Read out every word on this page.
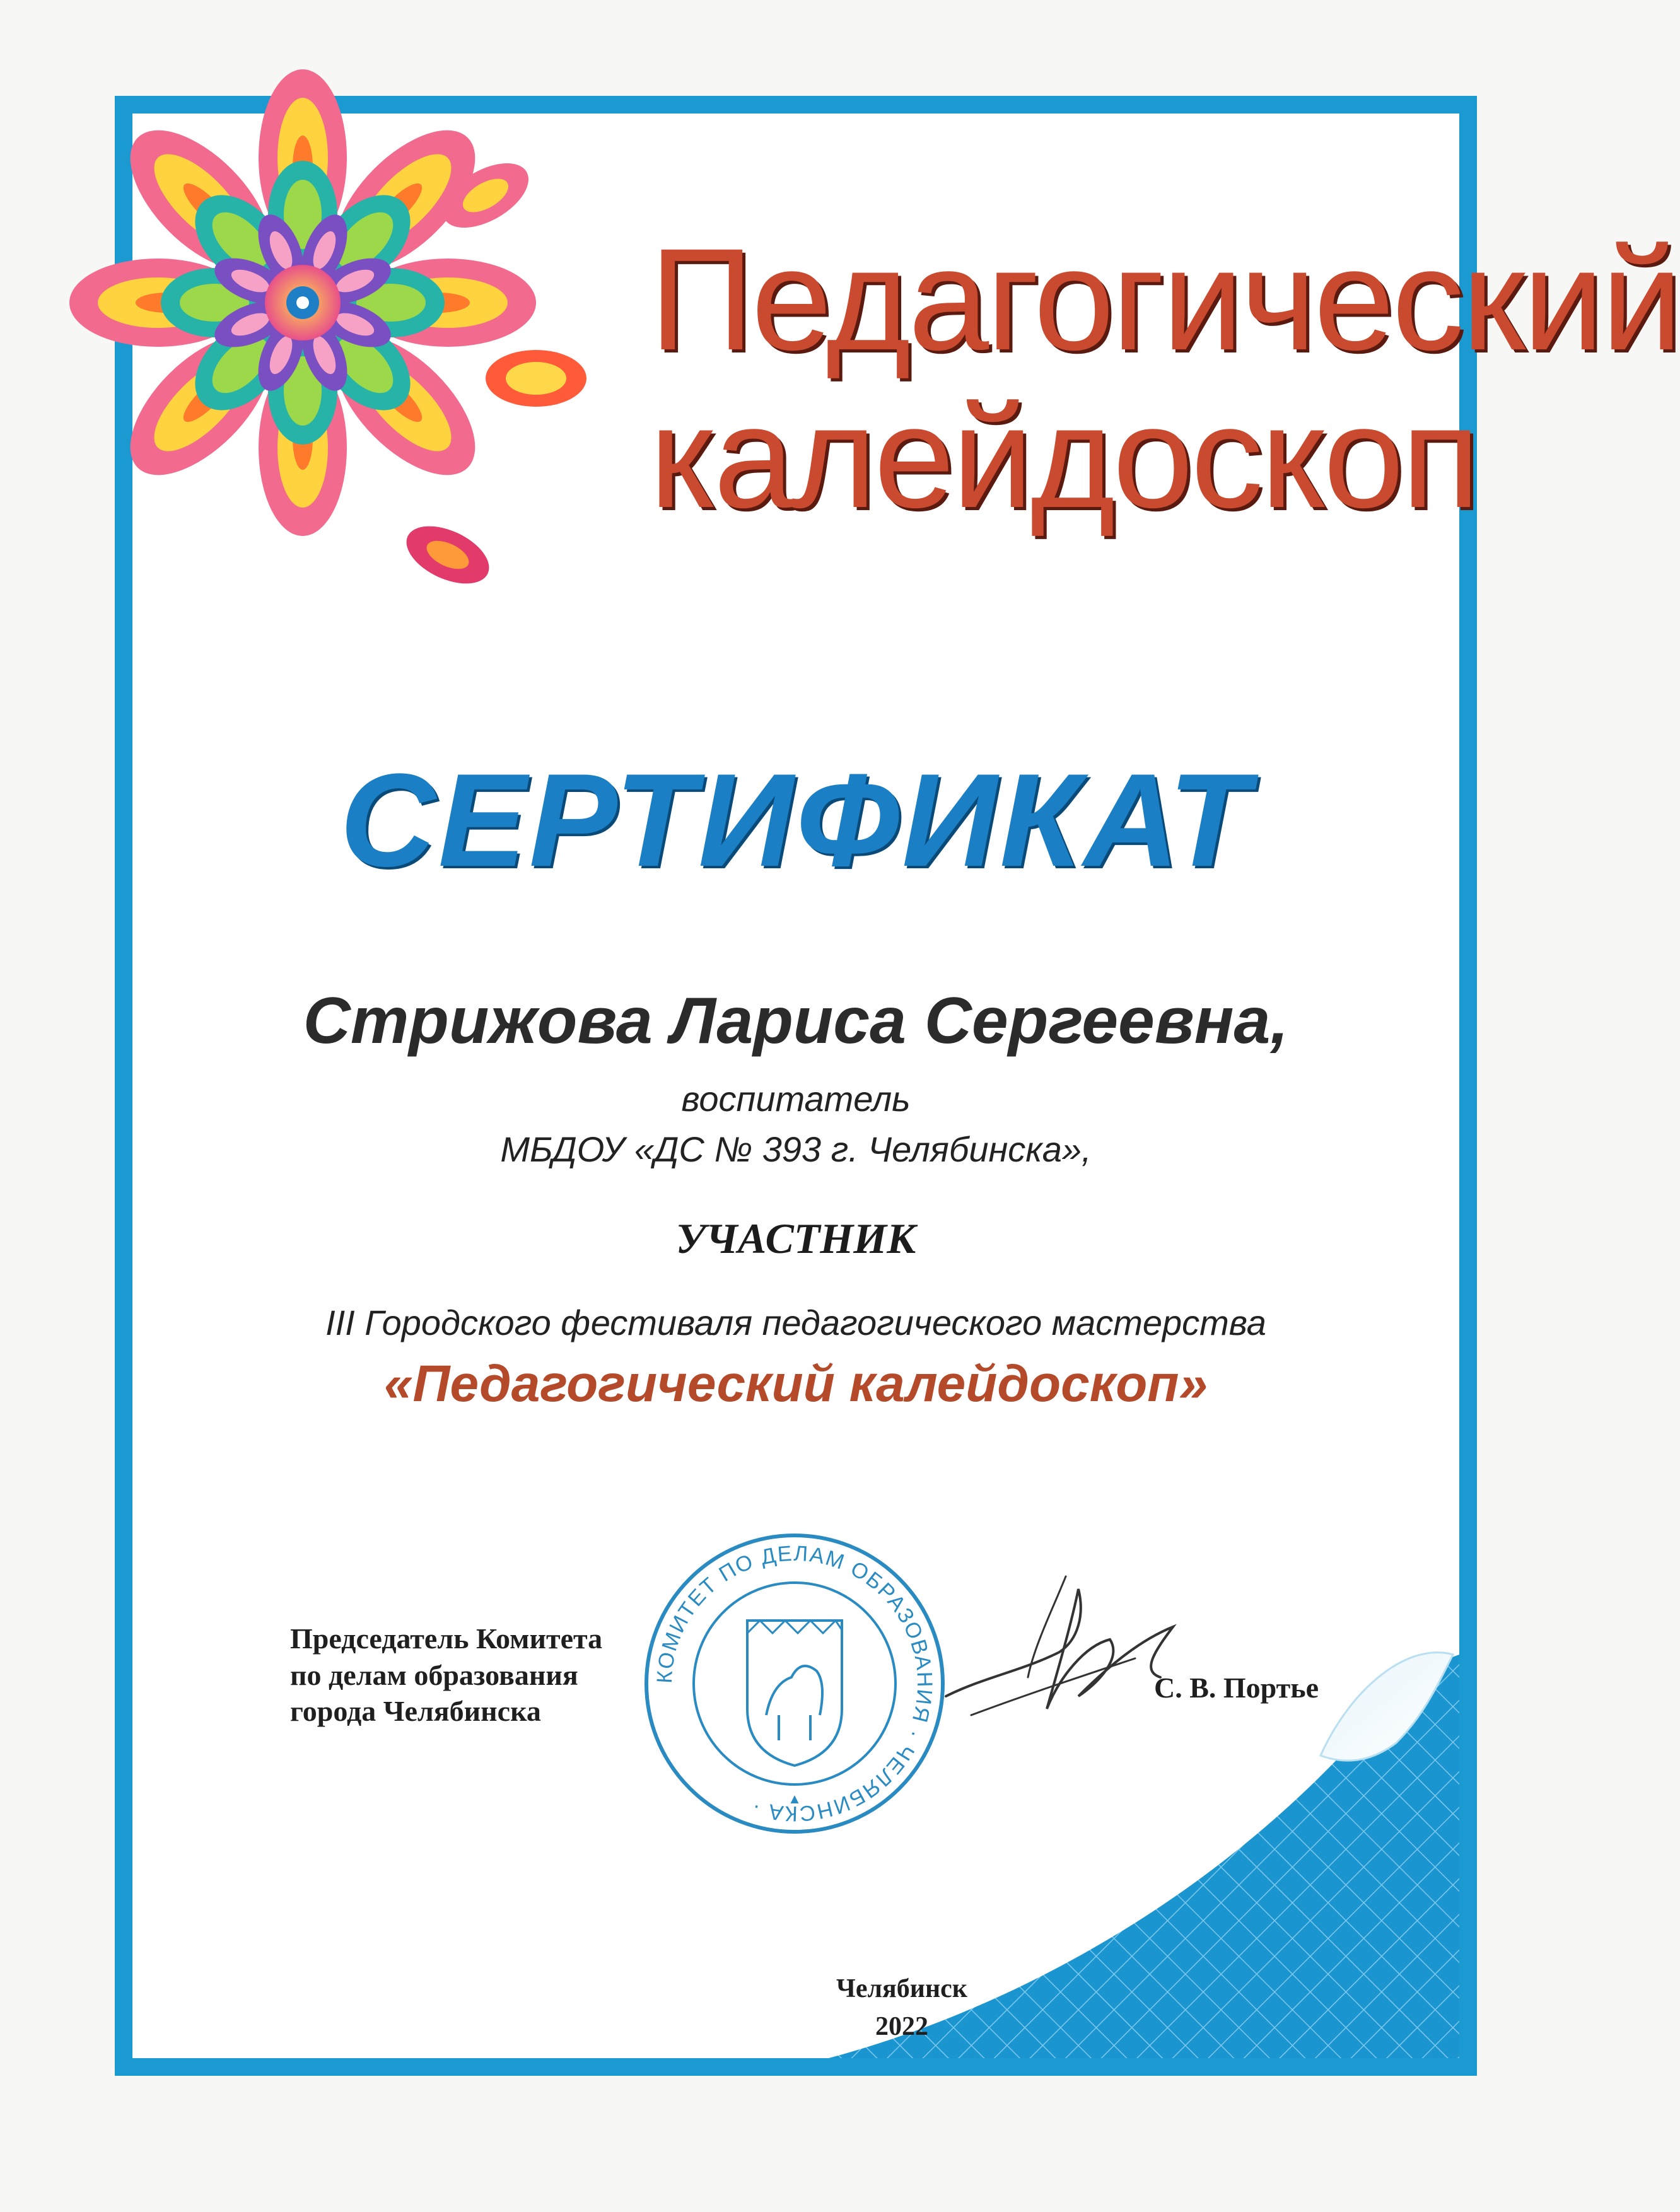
Педагогический
калейдоскоп
СЕРТИФИКАТ
Стрижова Лариса Сергеевна,
воспитатель
МБДОУ «ДС № 393 г. Челябинска»,
УЧАСТНИК
III Городского фестиваля педагогического мастерства
«Педагогический калейдоскоп»
Председатель Комитета
по делам образования
города Челябинска
КОМИТЕТ ПО ДЕЛАМ ОБРАЗОВАНИЯ · ЧЕЛЯБИНСКА ·	▲
С. В. Портье
Челябинск
2022
